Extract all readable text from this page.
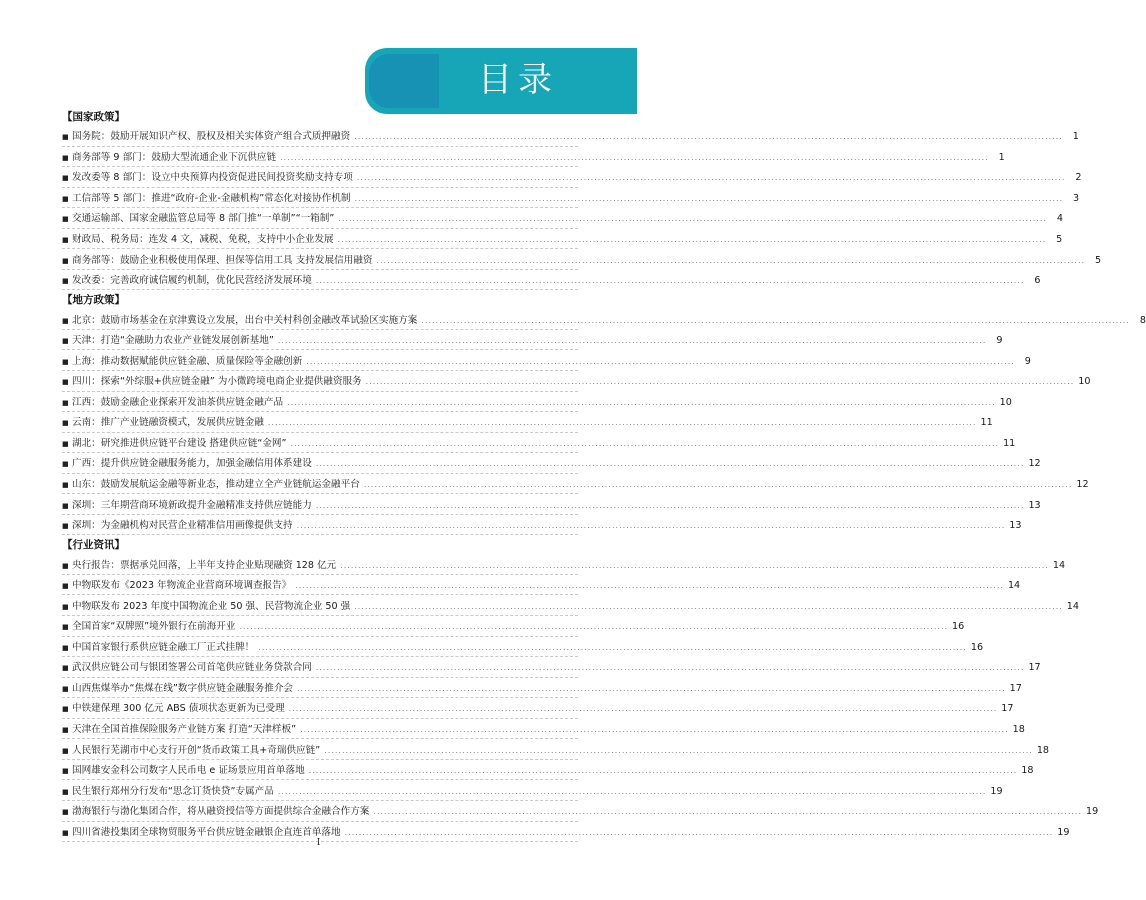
目录
【国家政策】
■ 国务院：鼓励开展知识产权、股权及相关实体资产组合式质押融资 ........................................................................................................................................................................................................	1
■ 商务部等 9 部门：鼓励大型流通企业下沉供应链 ........................................................................................................................................................................................................	1
■ 发改委等 8 部门：设立中央预算内投资促进民间投资奖励支持专项 ........................................................................................................................................................................................................	2
■ 工信部等 5 部门：推进“政府-企业-金融机构”常态化对接协作机制 ........................................................................................................................................................................................................	3
■ 交通运输部、国家金融监管总局等 8 部门推“一单制”“一箱制” ........................................................................................................................................................................................................	4
■ 财政局、税务局：连发 4 文，减税、免税，支持中小企业发展 ........................................................................................................................................................................................................	5
■ 商务部等：鼓励企业积极使用保理、担保等信用工具 支持发展信用融资 ........................................................................................................................................................................................................	5
■ 发改委：完善政府诚信履约机制，优化民营经济发展环境 ........................................................................................................................................................................................................	6
【地方政策】
■ 北京：鼓励市场基金在京津冀设立发展，出台中关村科创金融改革试验区实施方案 ........................................................................................................................................................................................................	8
■ 天津：打造“金融助力农业产业链发展创新基地” ........................................................................................................................................................................................................	9
■ 上海：推动数据赋能供应链金融、质量保险等金融创新 ........................................................................................................................................................................................................	9
■ 四川：探索“外综服+供应链金融” 为小微跨境电商企业提供融资服务 ........................................................................................................................................................................................................ 10
■ 江西：鼓励金融企业探索开发油茶供应链金融产品 ........................................................................................................................................................................................................ 10
■ 云南：推广产业链融资模式，发展供应链金融 ........................................................................................................................................................................................................ 11
■ 湖北：研究推进供应链平台建设 搭建供应链“金网” ........................................................................................................................................................................................................ 11
■ 广西：提升供应链金融服务能力，加强金融信用体系建设 ........................................................................................................................................................................................................ 12
■ 山东：鼓励发展航运金融等新业态，推动建立全产业链航运金融平台 ........................................................................................................................................................................................................ 12
■ 深圳：三年期营商环境新政提升金融精准支持供应链能力 ........................................................................................................................................................................................................ 13
■ 深圳：为金融机构对民营企业精准信用画像提供支持 ........................................................................................................................................................................................................ 13
【行业资讯】
■ 央行报告：票据承兑回落，上半年支持企业贴现融资 128 亿元 ........................................................................................................................................................................................................ 14
■ 中物联发布《2023 年物流企业营商环境调查报告》 ........................................................................................................................................................................................................ 14
■ 中物联发布 2023 年度中国物流企业 50 强、民营物流企业 50 强 ........................................................................................................................................................................................................ 14
■ 全国首家“双牌照”境外银行在前海开业 ........................................................................................................................................................................................................ 16
■ 中国首家银行系供应链金融工厂正式挂牌！ ........................................................................................................................................................................................................ 16
■ 武汉供应链公司与银团签署公司首笔供应链业务贷款合同 ........................................................................................................................................................................................................ 17
■ 山西焦煤举办“焦煤在线”数字供应链金融服务推介会 ........................................................................................................................................................................................................ 17
■ 中铁建保理 300 亿元 ABS 债项状态更新为已受理 ........................................................................................................................................................................................................ 17
■ 天津在全国首推保险服务产业链方案 打造“天津样板” ........................................................................................................................................................................................................ 18
■ 人民银行芜湖市中心支行开创“货币政策工具+奇瑞供应链” ........................................................................................................................................................................................................ 18
■ 国网雄安金科公司数字人民币电 e 证场景应用首单落地 ........................................................................................................................................................................................................ 18
■ 民生银行郑州分行发布“思念订货快贷”专属产品 ........................................................................................................................................................................................................ 19
■ 渤海银行与渤化集团合作，将从融资授信等方面提供综合金融合作方案 ........................................................................................................................................................................................................ 19
■ 四川省港投集团全球物贸服务平台供应链金融银企直连首单落地 ........................................................................................................................................................................................................ 19
I
